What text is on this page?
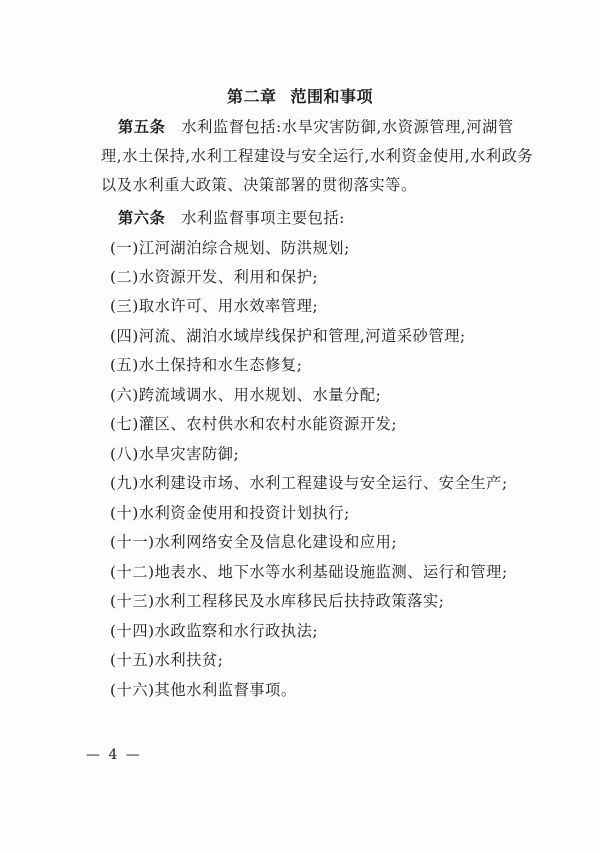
第二章 范围和事项
第五条 水利监督包括:水旱灾害防御,水资源管理,河湖管
理,水土保持,水利工程建设与安全运行,水利资金使用,水利政务
以及水利重大政策、决策部署的贯彻落实等。
第六条 水利监督事项主要包括:
(一)江河湖泊综合规划、防洪规划;
(二)水资源开发、利用和保护;
(三)取水许可、用水效率管理;
(四)河流、湖泊水域岸线保护和管理,河道采砂管理;
(五)水土保持和水生态修复;
(六)跨流域调水、用水规划、水量分配;
(七)灌区、农村供水和农村水能资源开发;
(八)水旱灾害防御;
(九)水利建设市场、水利工程建设与安全运行、安全生产;
(十)水利资金使用和投资计划执行;
(十一)水利网络安全及信息化建设和应用;
(十二)地表水、地下水等水利基础设施监测、运行和管理;
(十三)水利工程移民及水库移民后扶持政策落实;
(十四)水政监察和水行政执法;
(十五)水利扶贫;
(十六)其他水利监督事项。
— 4 —
